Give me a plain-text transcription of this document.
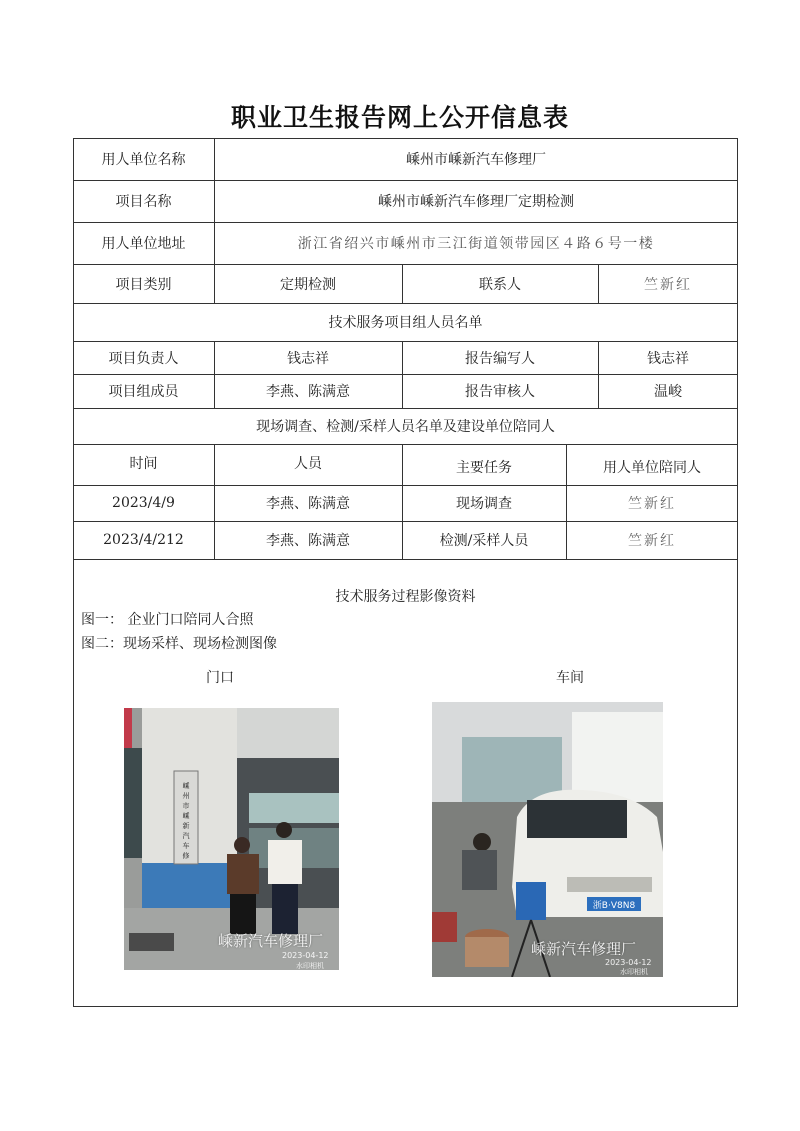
职业卫生报告网上公开信息表
用人单位名称	嵊州市嵊新汽车修理厂
项目名称	嵊州市嵊新汽车修理厂定期检测
用人单位地址	浙江省绍兴市嵊州市三江街道领带园区４路６号一楼
项目类别	定期检测	联系人	竺新红
技术服务项目组人员名单
项目负责人	钱志祥	报告编写人	钱志祥
项目组成员	李燕、陈满意	报告审核人	温峻
现场调查、检测/采样人员名单及建设单位陪同人
时间	人员	主要任务	用人单位陪同人
2023/4/9	李燕、陈满意	现场调查	竺新红
2023/4/212	李燕、陈满意	检测/采样人员	竺新红
技术服务过程影像资料
图一： 企业门口陪同人合照
图二：现场采样、现场检测图像
门口	车间
嵊
州
市
嵊
新
汽
车
修
嵊新汽车修理厂
2023-04-12
水印相机
浙B·V8N8
嵊新汽车修理厂
2023-04-12
水印相机
